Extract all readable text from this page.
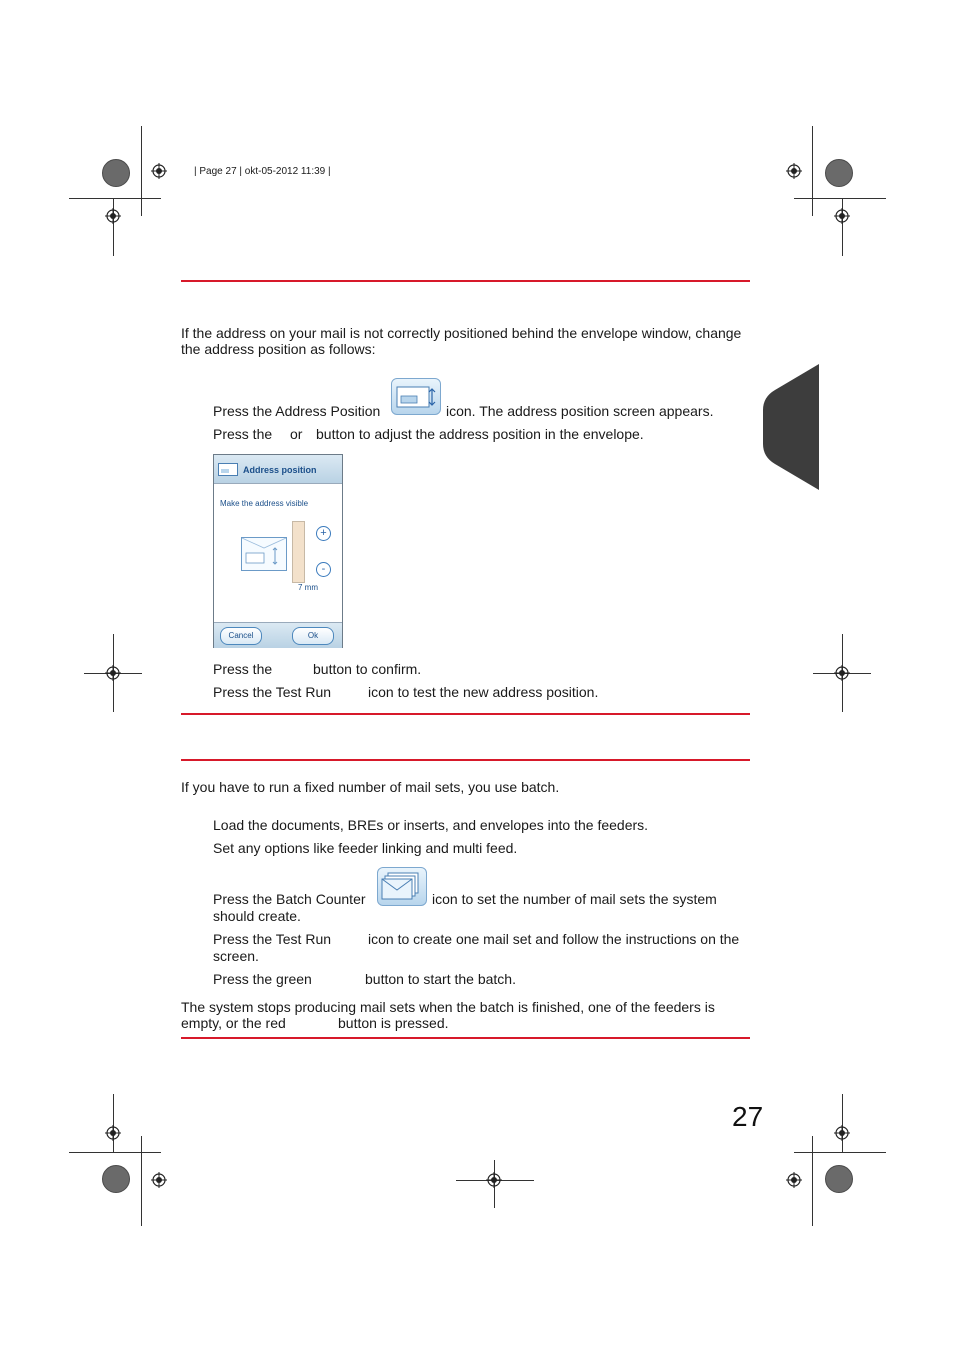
| Page 27 | okt-05-2012 11:39 |
If the address on your mail is not correctly positioned behind the envelope window, change
the address position as follows:
Press the Address Position	icon. The address position screen appears.
Press the or button to adjust the address position in the envelope.
Address position
Make the address visible
+
-
7 mm
Cancel	Ok
Press the	button to confirm.
Press the Test Run	icon to test the new address position.
If you have to run a fixed number of mail sets, you use batch.
Load the documents, BREs or inserts, and envelopes into the feeders.
Set any options like feeder linking and multi feed.
Press the Batch Counter	icon to set the number of mail sets the system
should create.
Press the Test Run	icon to create one mail set and follow the instructions on the
screen.
Press the green	button to start the batch.
The system stops producing mail sets when the batch is finished, one of the feeders is
empty, or the red	button is pressed.
27
